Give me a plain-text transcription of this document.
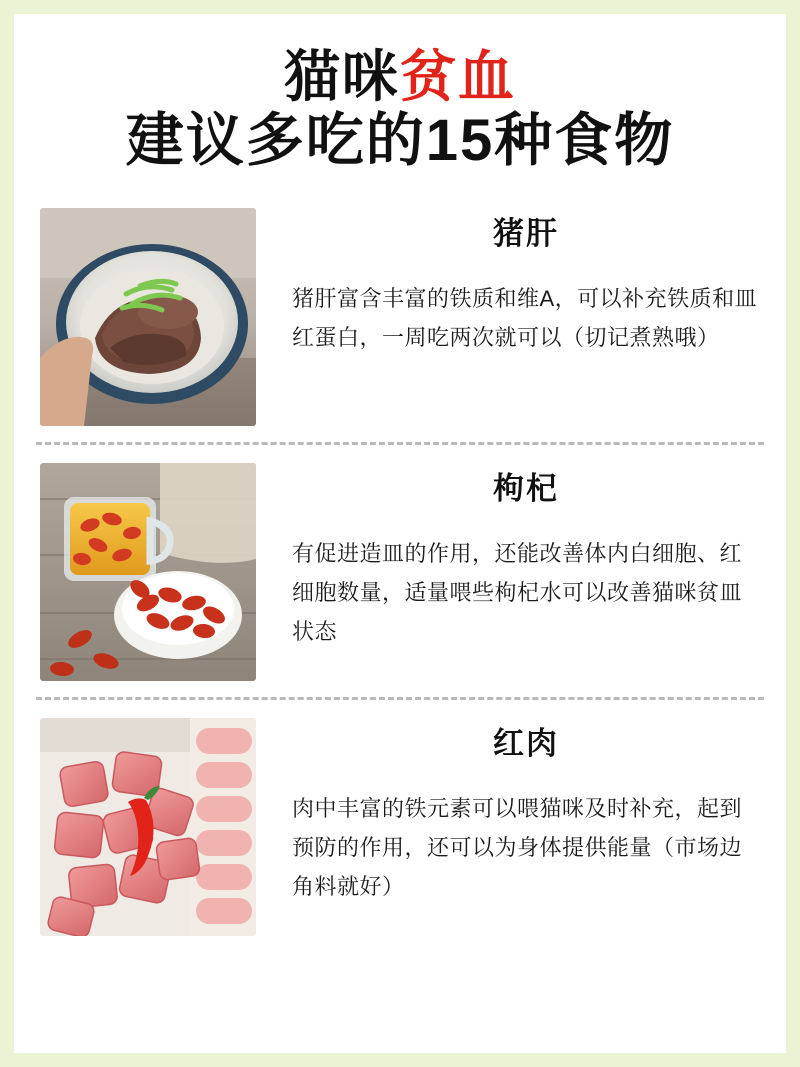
猫咪贫血
建议多吃的15种食物
猪肝
猪肝富含丰富的铁质和维A，可以补充铁质和皿红蛋白，一周吃两次就可以（切记煮熟哦）
枸杞
有促进造皿的作用，还能改善体内白细胞、红细胞数量，适量喂些枸杞水可以改善猫咪贫皿状态
红肉
肉中丰富的铁元素可以喂猫咪及时补充，起到预防的作用，还可以为身体提供能量（市场边角料就好）
